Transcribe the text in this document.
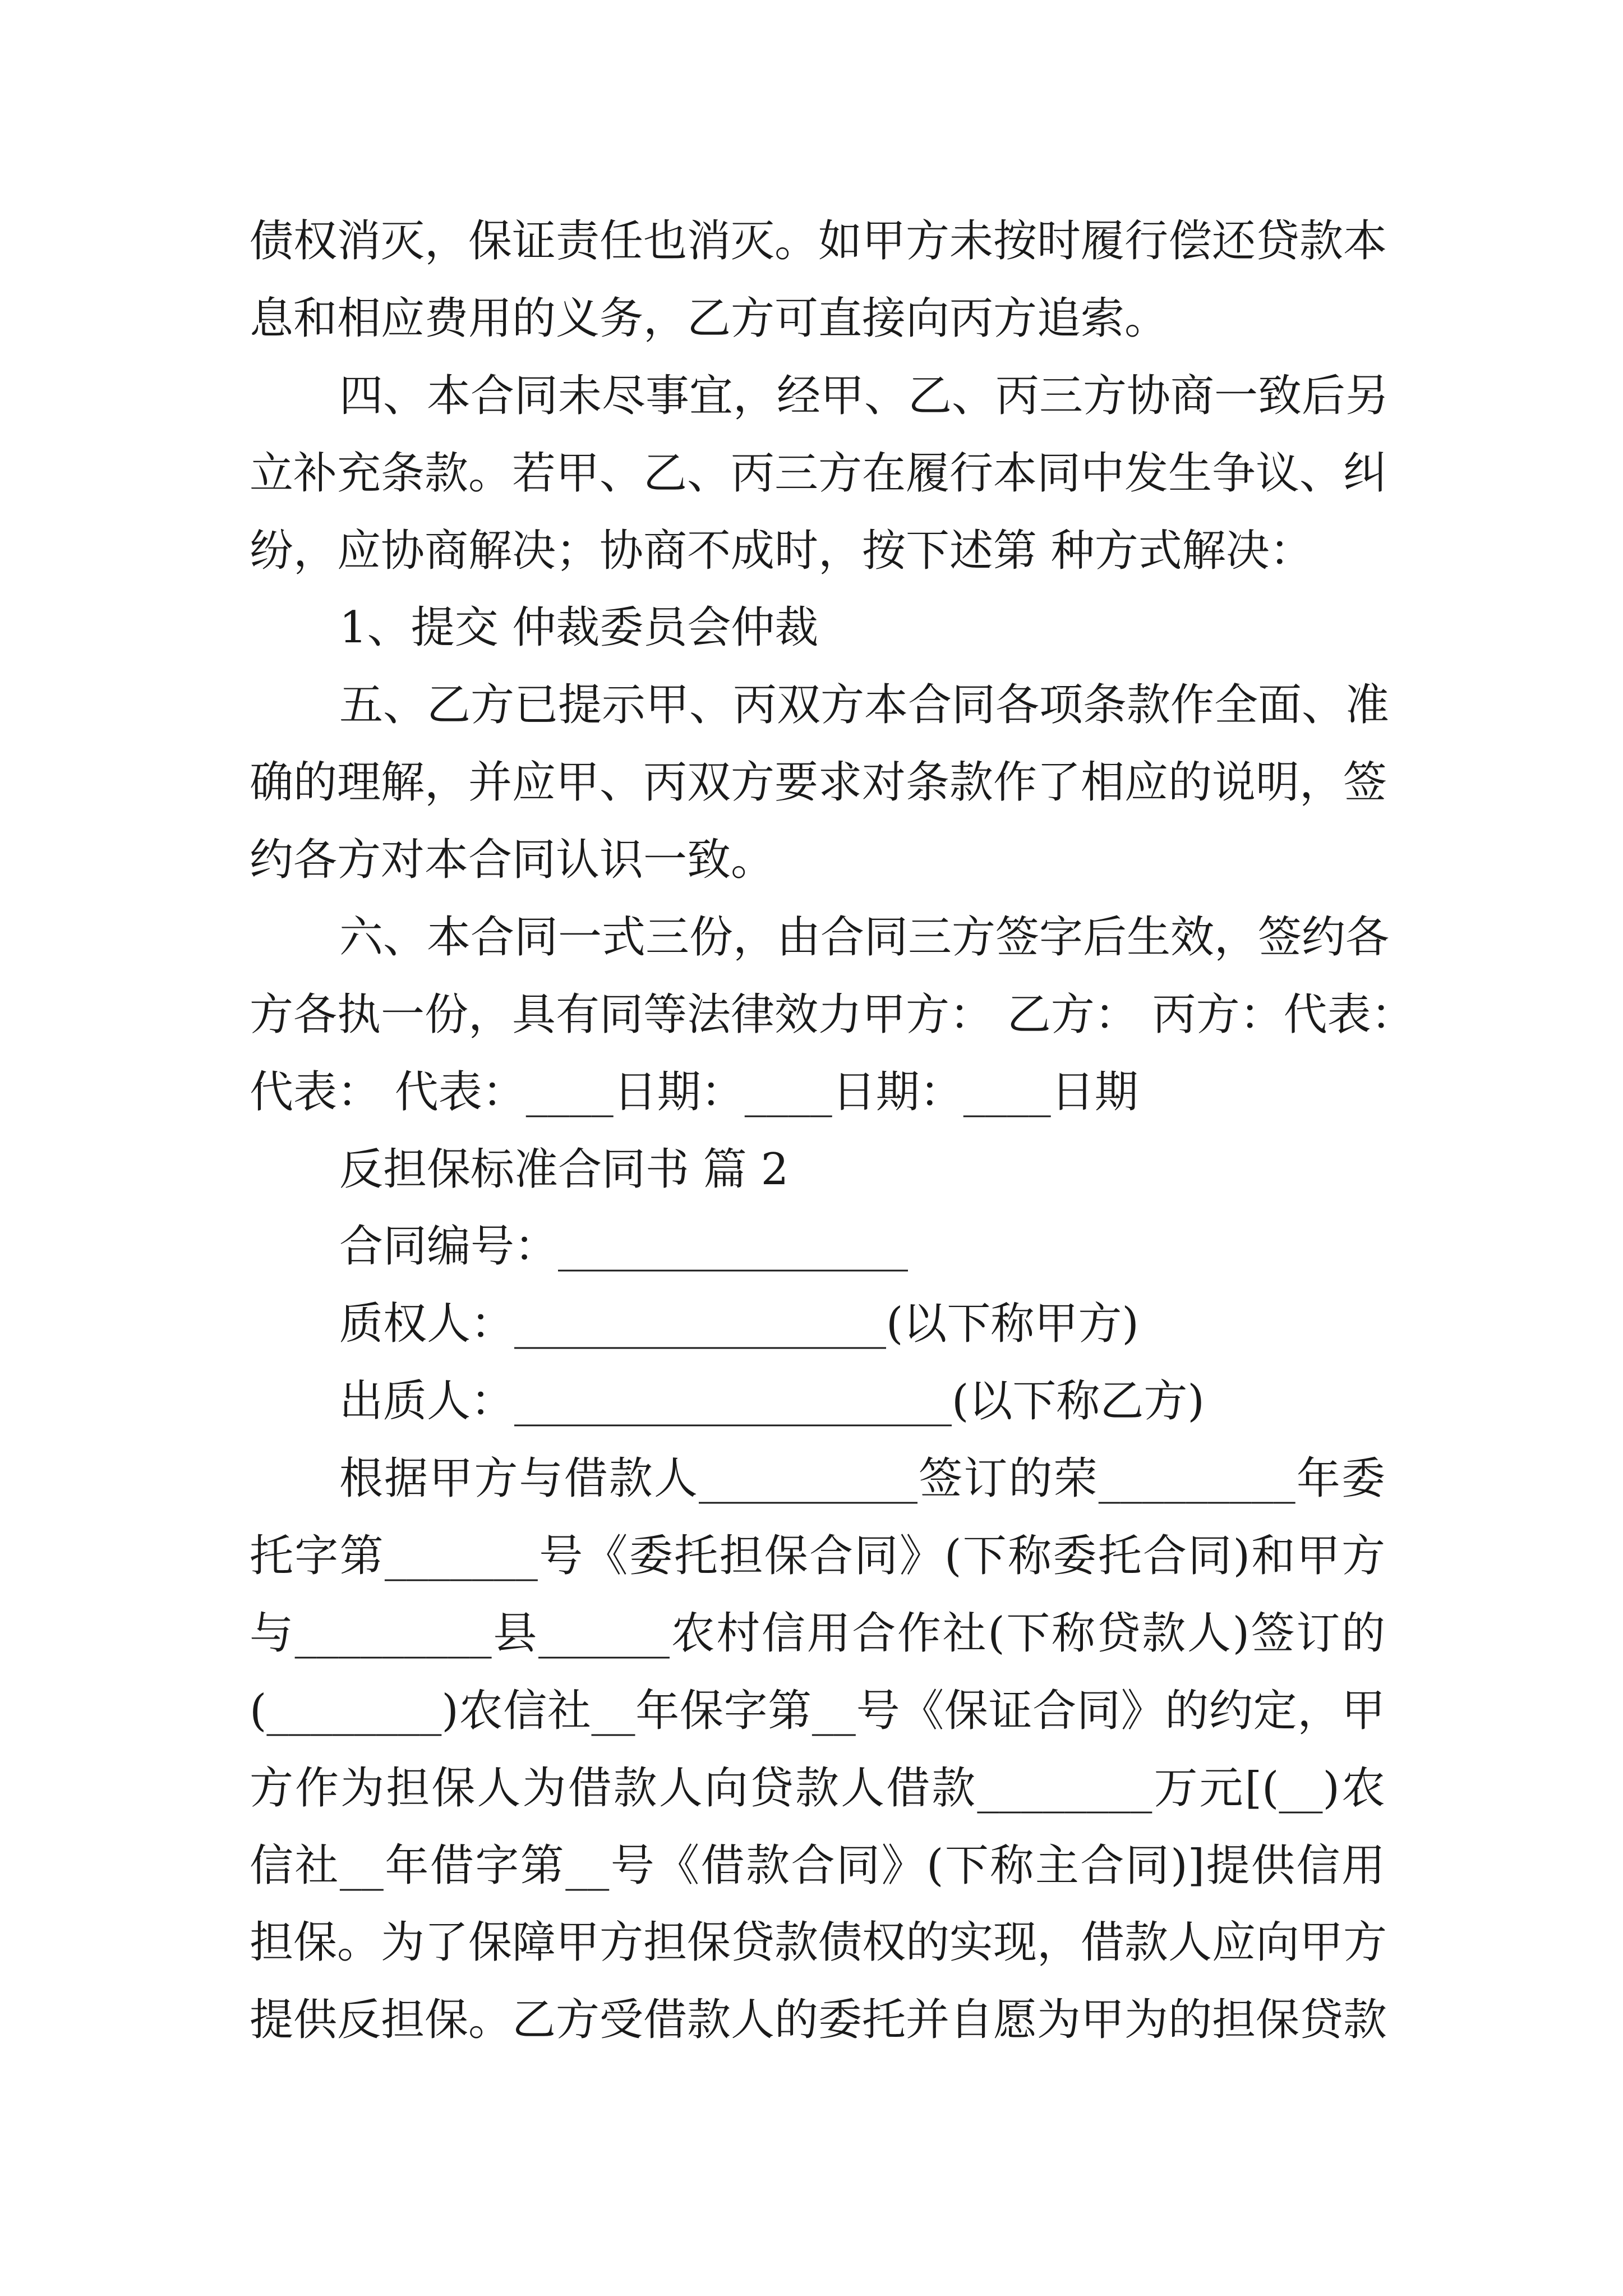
债权消灭，保证责任也消灭。如甲方未按时履行偿还贷款本
息和相应费用的义务，乙方可直接向丙方追索。
四、本合同未尽事宜，经甲、乙、丙三方协商一致后另
立补充条款。若甲、乙、丙三方在履行本同中发生争议、纠
纷，应协商解决；协商不成时，按下述第 种方式解决：
1、提交 仲裁委员会仲裁
五、乙方已提示甲、丙双方本合同各项条款作全面、准
确的理解，并应甲、丙双方要求对条款作了相应的说明，签
约各方对本合同认识一致。
六、本合同一式三份，由合同三方签字后生效，签约各
方各执一份，具有同等法律效力甲方： 乙方： 丙方：代表：
代表： 代表：____日期：____日期：____日期
反担保标准合同书 篇 2
合同编号：________________
质权人：_________________(以下称甲方)
出质人：____________________(以下称乙方)
根据甲方与借款人__________签订的荣_________年委
托字第_______号《委托担保合同》(下称委托合同)和甲方
与_________县______农村信用合作社(下称贷款人)签订的
(________)农信社__年保字第__号《保证合同》的约定，甲
方作为担保人为借款人向贷款人借款________万元[(__)农
信社__年借字第__号《借款合同》(下称主合同)]提供信用
担保。为了保障甲方担保贷款债权的实现，借款人应向甲方
提供反担保。乙方受借款人的委托并自愿为甲为的担保贷款
